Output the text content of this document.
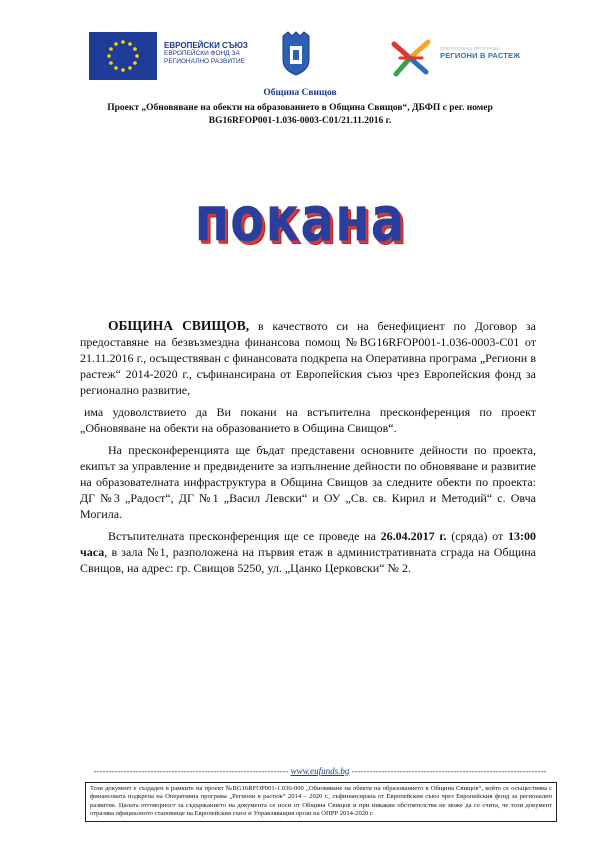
ЕВРОПЕЙСКИ СЪЮЗ
ЕВРОПЕЙСКИ ФОНД ЗА
РЕГИОНАЛНО РАЗВИТИЕ
Община Свищов
ОПЕРАТИВНА ПРОГРАМА
РЕГИОНИ В РАСТЕЖ
Проект „Обновяване на обекти на образованието в Община Свищов“, ДБФП с рег. номер
BG16RFOP001-1.036-0003-C01/21.11.2016 г.
покана

ОБЩИНА СВИЩОВ, в качеството си на бенефициент по Договор за предоставяне на безвъзмездна финансова помощ №BG16RFOP001-1.036-0003-C01 от 21.11.2016 г., осъществяван с финансовата подкрепа на Оперативна програма „Региони в растеж“ 2014-2020 г., съфинансирана от Европейския съюз чрез Европейския фонд за регионално развитие,

има удоволствието да Ви покани на встъпителна пресконференция по проект „Обновяване на обекти на образованието в Община Свищов“.

На пресконференцията ще бъдат представени основните дейности по проекта, екипът за управление и предвидените за изпълнение дейности по обновяване и развитие на образователната инфраструктура в Община Свищов за следните обекти по проекта: ДГ №3 „Радост“, ДГ №1 „Васил Левски“ и ОУ „Св. св. Кирил и Методий“ с. Овча Могила.

Встъпителната пресконференция ще се проведе на 26.04.2017 г. (сряда) от 13:00 часа, в зала №1, разположена на първия етаж в административната сграда на Община Свищов, на адрес: гр. Свищов 5250, ул. „Цанко Церковски“ № 2.

----------------------------------------------------------------- www.eufunds.bg -----------------------------------------------------------------
Този документ е създаден в рамките на проект №BG16RFOP001-1.036-000 „Обновяване на обекти на образованието в Община Свищов“, който се осъществява с финансовата подкрепа на Оперативна програма „Региони в растеж“ 2014 – 2020 г., съфинансирана от Европейския съюз чрез Европейския фонд за регионално развитие. Цялата отговорност за съдържанието на документа се носи от Община Свищов и при никакви обстоятелства не може да се счита, че този документ отразява официалното становище на Европейския съюз и Управляващия орган на ОПРР 2014-2020 г.
